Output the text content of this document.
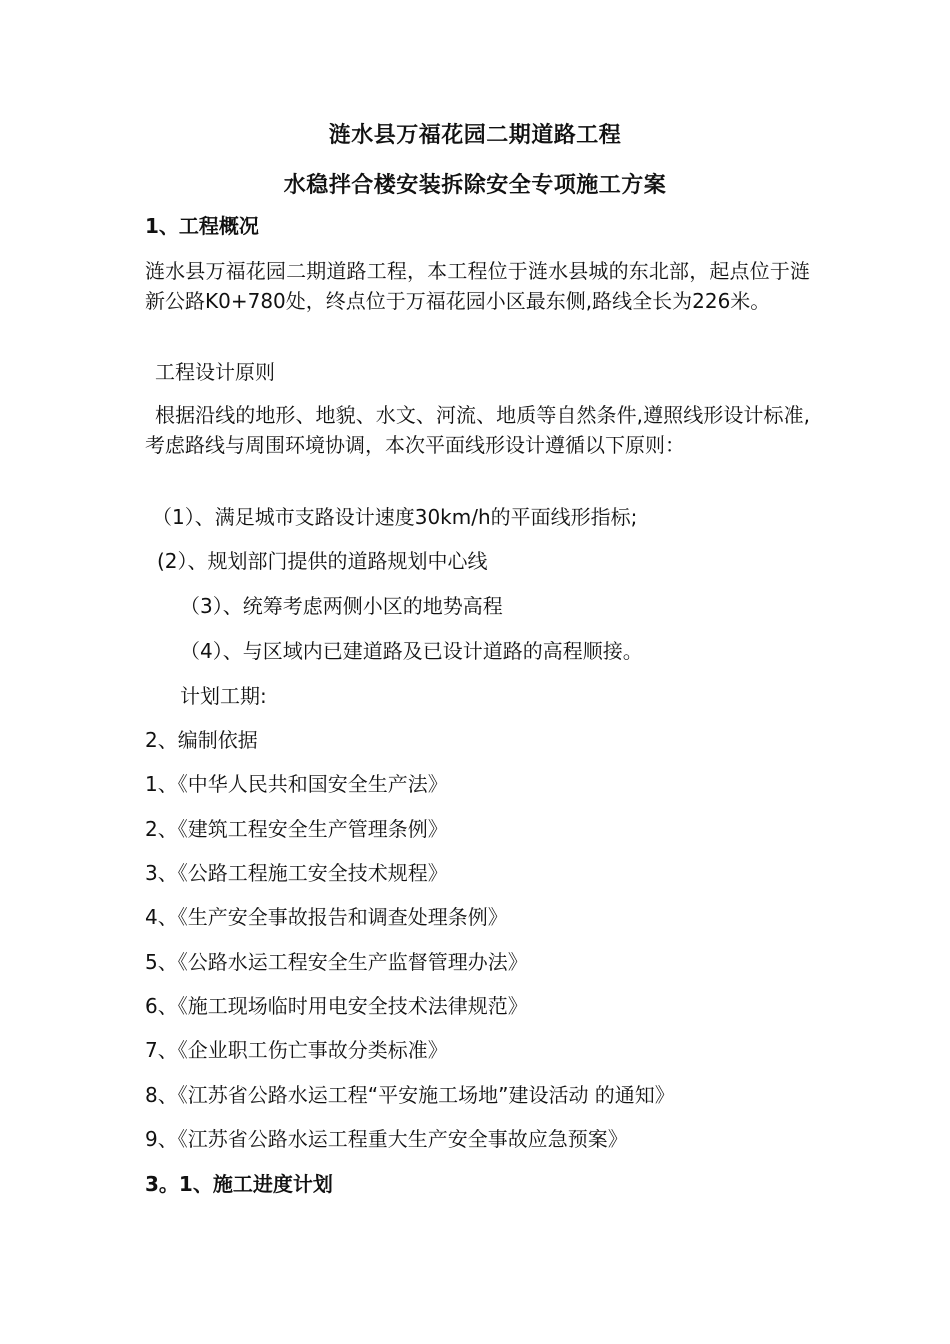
涟水县万福花园二期道路工程
水稳拌合楼安装拆除安全专项施工方案
1、工程概况
涟水县万福花园二期道路工程，本工程位于涟水县城的东北部，起点位于涟新公路K0+780处，终点位于万福花园小区最东侧,路线全长为226米。
工程设计原则
根据沿线的地形、地貌、水文、河流、地质等自然条件,遵照线形设计标准,考虑路线与周围环境协调，本次平面线形设计遵循以下原则：
（1）、满足城市支路设计速度30km/h的平面线形指标;
(2）、规划部门提供的道路规划中心线
（3）、统筹考虑两侧小区的地势高程
（4）、与区域内已建道路及已设计道路的高程顺接。
计划工期:
2、编制依据
1、《中华人民共和国安全生产法》
2、《建筑工程安全生产管理条例》
3、《公路工程施工安全技术规程》
4、《生产安全事故报告和调查处理条例》
5、《公路水运工程安全生产监督管理办法》
6、《施工现场临时用电安全技术法律规范》
7、《企业职工伤亡事故分类标准》
8、《江苏省公路水运工程“平安施工场地”建设活动 的通知》
9、《江苏省公路水运工程重大生产安全事故应急预案》
3。1、施工进度计划
